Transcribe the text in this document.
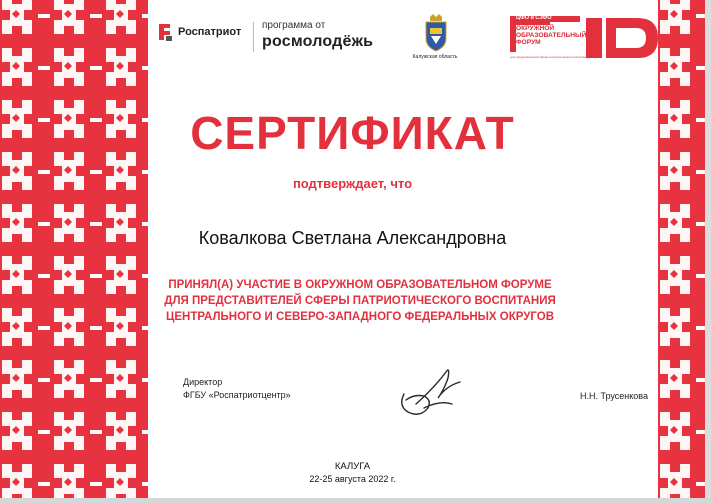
Роспатриот
программа от
росмолодёжь
Калужская область
ЦФО и СЗФО
ОКРУЖНОЙ
ОБРАЗОВАТЕЛЬНЫЙ
ФОРУМ
для представителей сферы патриотического воспитания
СЕРТИФИКАТ
подтверждает, что
Ковалкова Светлана Александровна
ПРИНЯЛ(А) УЧАСТИЕ В ОКРУЖНОМ ОБРАЗОВАТЕЛЬНОМ ФОРУМЕ
ДЛЯ ПРЕДСТАВИТЕЛЕЙ СФЕРЫ ПАТРИОТИЧЕСКОГО ВОСПИТАНИЯ
ЦЕНТРАЛЬНОГО И СЕВЕРО-ЗАПАДНОГО ФЕДЕРАЛЬНЫХ ОКРУГОВ
Директор
ФГБУ «Роспатриотцентр»	Н.Н. Трусенкова
КАЛУГА
22-25 августа 2022 г.
